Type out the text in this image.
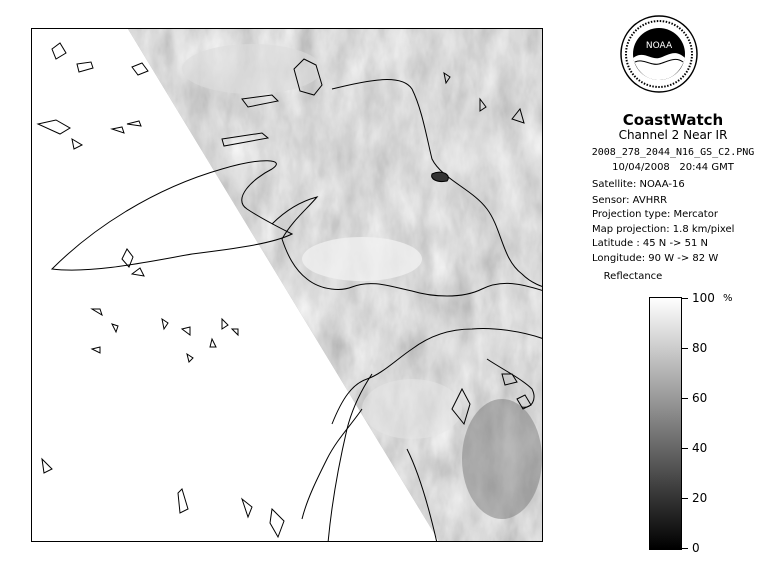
NOAA
CoastWatch
Channel 2 Near IR
2008_278_2044_N16_GS_C2.PNG
10/04/2008 20:44 GMT
Satellite: NOAA-16
Sensor: AVHRR
Projection type: Mercator
Map projection: 1.8 km/pixel
Latitude : 45 N -> 51 N
Longitude: 90 W -> 82 W
Reflectance
%
100
80
60
40
20
0
